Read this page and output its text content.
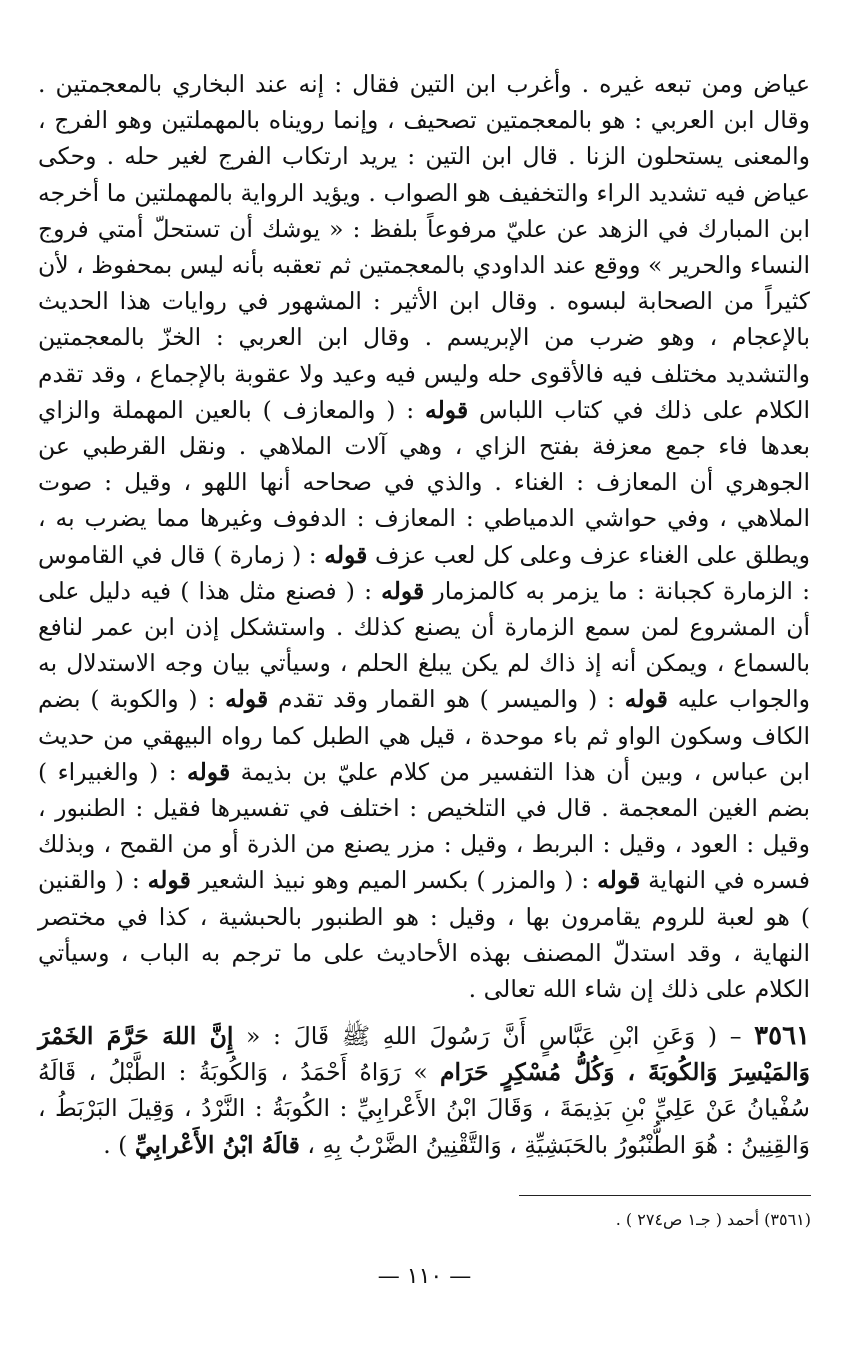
عياض ومن تبعه غيره . وأغرب ابن التين فقال : إنه عند البخاري بالمعجمتين . وقال ابن العربي : هو بالمعجمتين تصحيف ، وإنما رويناه بالمهملتين وهو الفرج ، والمعنى يستحلون الزنا . قال ابن التين : يريد ارتكاب الفرج لغير حله . وحكى عياض فيه تشديد الراء والتخفيف هو الصواب . ويؤيد الرواية بالمهملتين ما أخرجه ابن المبارك في الزهد عن عليّ مرفوعاً بلفظ : « يوشك أن تستحلّ أمتي فروج النساء والحرير » ووقع عند الداودي بالمعجمتين ثم تعقبه بأنه ليس بمحفوظ ، لأن كثيراً من الصحابة لبسوه . وقال ابن الأثير : المشهور في روايات هذا الحديث بالإعجام ، وهو ضرب من الإبريسم . وقال ابن العربي : الخزّ بالمعجمتين والتشديد مختلف فيه فالأقوى حله وليس فيه وعيد ولا عقوبة بالإجماع ، وقد تقدم الكلام على ذلك في كتاب اللباس قوله : ( والمعازف ) بالعين المهملة والزاي بعدها فاء جمع معزفة بفتح الزاي ، وهي آلات الملاهي . ونقل القرطبي عن الجوهري أن المعازف : الغناء . والذي في صحاحه أنها اللهو ، وقيل : صوت الملاهي ، وفي حواشي الدمياطي : المعازف : الدفوف وغيرها مما يضرب به ، ويطلق على الغناء عزف وعلى كل لعب عزف قوله : ( زمارة ) قال في القاموس : الزمارة كجبانة : ما يزمر به كالمزمار قوله : ( فصنع مثل هذا ) فيه دليل على أن المشروع لمن سمع الزمارة أن يصنع كذلك . واستشكل إذن ابن عمر لنافع بالسماع ، ويمكن أنه إذ ذاك لم يكن يبلغ الحلم ، وسيأتي بيان وجه الاستدلال به والجواب عليه قوله : ( والميسر ) هو القمار وقد تقدم قوله : ( والكوبة ) بضم الكاف وسكون الواو ثم باء موحدة ، قيل هي الطبل كما رواه البيهقي من حديث ابن عباس ، وبين أن هذا التفسير من كلام عليّ بن بذيمة قوله : ( والغبيراء ) بضم الغين المعجمة . قال في التلخيص : اختلف في تفسيرها فقيل : الطنبور ، وقيل : العود ، وقيل : البربط ، وقيل : مزر يصنع من الذرة أو من القمح ، وبذلك فسره في النهاية قوله : ( والمزر ) بكسر الميم وهو نبيذ الشعير قوله : ( والقنين ) هو لعبة للروم يقامرون بها ، وقيل : هو الطنبور بالحبشية ، كذا في مختصر النهاية ، وقد استدلّ المصنف بهذه الأحاديث على ما ترجم به الباب ، وسيأتي الكلام على ذلك إن شاء الله تعالى .
٣٥٦١ – ( وَعَنِ ابْنِ عَبَّاسٍ أَنَّ رَسُولَ اللهِ ﷺ قَالَ : « إِنَّ اللهَ حَرَّمَ الخَمْرَ وَالمَيْسِرَ وَالكُوبَةَ ، وَكُلُّ مُسْكِرٍ حَرَام » رَوَاهُ أَحْمَدُ ، وَالكُوبَةُ : الطَّبْلُ ، قَالَهُ سُفْيانُ عَنْ عَلِيِّ بْنِ بَذِيمَةَ ، وَقَالَ ابْنُ الأَعْرابِيِّ : الكُوبَةُ : النَّرْدُ ، وَقِيلَ البَرْبَطُ ، وَالقِنِينُ : هُوَ الطُّنْبُورُ بالحَبَشِيِّةِ ، وَالتَّقْنِينُ الضَّرْبُ بِهِ ، قالَهُ ابْنُ الأَعْرابِيِّ ) .
(٣٥٦١) أحمد ( جـ١ ص٢٧٤ ) .
— ١١٠ —
